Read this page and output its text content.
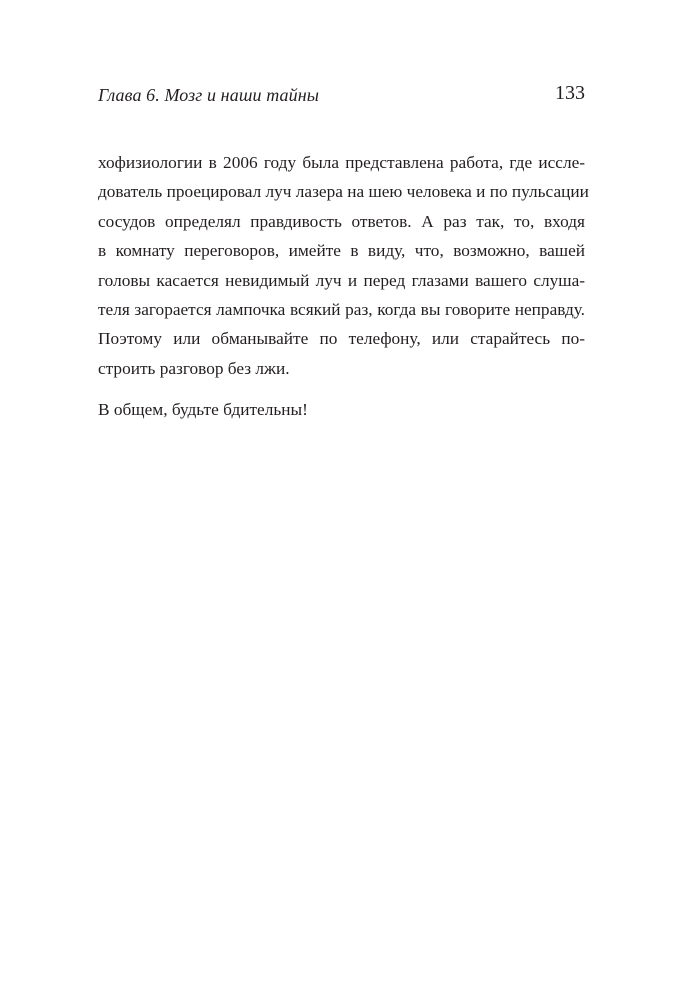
Глава 6. Мозг и наши тайны	133
хофизиологии в 2006 году была представлена работа, где иссле-
дователь проецировал луч лазера на шею человека и по пульсации
сосудов определял правдивость ответов. А раз так, то, входя
в комнату переговоров, имейте в виду, что, возможно, вашей
головы касается невидимый луч и перед глазами вашего слуша-
теля загорается лампочка всякий раз, когда вы говорите неправду.
Поэтому или обманывайте по телефону, или старайтесь по-
строить разговор без лжи.
В общем, будьте бдительны!
